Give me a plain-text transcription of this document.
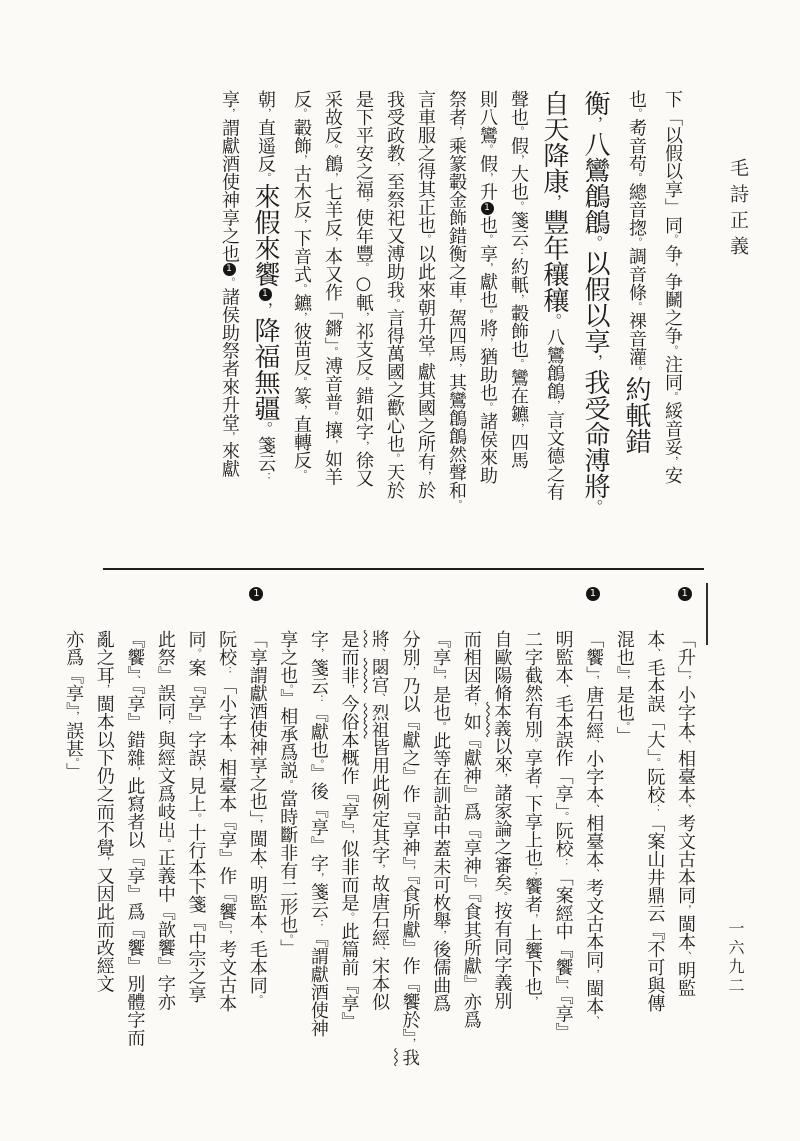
毛詩正義
一六九二
下「以假以享」同。争，争鬭之争。注同。綏音妥，安
也。耇音苟。總音揔。調音條。祼音灌。約軝錯
衡，八鸞鶬鶬。以假以享，我受命溥將。
自天降康，豐年穰穰。八鸞鶬鶬，言文德之有
聲也。假，大也。箋云：約軝，轂飾也。鸞在鑣，四馬
則八鸞。假，升1也。享，獻也。將，猶助也。諸侯來助
祭者，乘篆轂金飾錯衡之車，駕四馬，其鸞鶬鶬然聲和。
言車服之得其正也。以此來朝升堂，獻其國之所有，於
我受政教，至祭祀又溥助我。言得萬國之歡心也。天於
是下平安之福，使年豐。○軝，祁支反。錯如字，徐又
采故反。鶬，七羊反，本又作「鏘」。溥音普。攘，如羊
反。轂飾，古木反，下音式。鑣，彼苗反。篆，直轉反。
朝，直遥反。來假來饗1，降福無疆。箋云：
享，謂獻酒使神享之也1。諸侯助祭者來升堂，來獻
1
「升」，小字本、相臺本、考文古本同，閩本、明監
本、毛本誤「大」。阮校：「案山井鼎云『不可與傳
混也』，是也。」
1
「饗」，唐石經、小字本、相臺本、考文古本同，閩本、
明監本、毛本誤作「享」。阮校：「案經中『饗』、『享』
二字截然有別。享者，下享上也；饗者，上饗下也，
自歐陽脩本義以來，諸家論之審矣。按有同字義別
而相因者，如『獻神』爲『享神』，『食其所獻』亦爲
『享』，是也。此等在訓詁中蓋未可枚舉，後儒曲爲
分別，乃以『獻之』作『享神』，『食所獻』作『饗於』，我
將、閟宫、烈祖皆用此例定其字，故唐石經、宋本似
是而非，今俗本概作『享』，似非而是。此篇前『享』
字，箋云：『獻也。』後『享』字，箋云：『謂獻酒使神
享之也。』相承爲説。當時斷非有二形也。」
1
「享謂獻酒使神享之也」，閩本、明監本、毛本同。
阮校：「小字本、相臺本『享』作『饗』，考文古本
同。案『享』字誤，見上。十行本下箋『中宗之享
此祭』誤同，與經文爲岐出。正義中『歆饗』字亦
『饗』、『享』錯雜，此寫者以『享』爲『饗』別體字而
亂之耳，閩本以下仍之而不覺，又因此而改經文
亦爲『享』，誤甚。」
